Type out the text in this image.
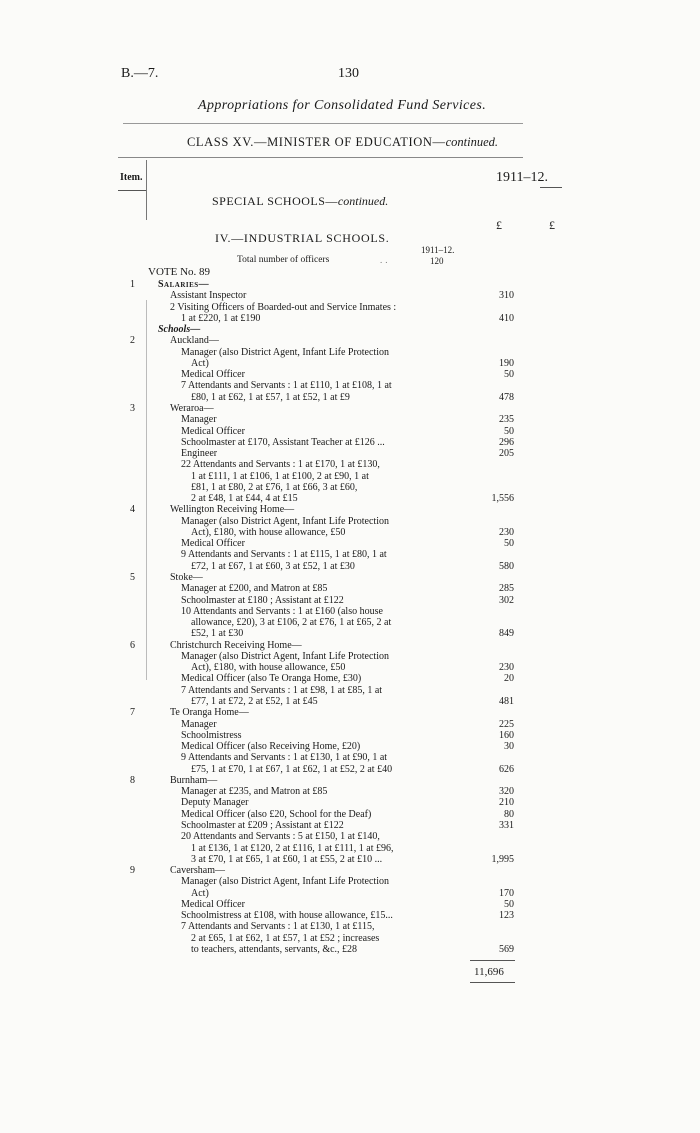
B.—7.	130
Appropriations for Consolidated Fund Services.
CLASS XV.—MINISTER OF EDUCATION—continued.
Item.	1911–12.
£	£
SPECIAL SCHOOLS—continued.
IV.—INDUSTRIAL SCHOOLS.
Total number of officers	..
1911–12.
120
VOTE No. 89
1 Salaries—
Assistant Inspector	310
2 Visiting Officers of Boarded-out and Service Inmates :
1 at £220, 1 at £190	410
Schools—
2	Auckland—
Manager (also District Agent, Infant Life Protection
Act)	190
Medical Officer	50
7 Attendants and Servants : 1 at £110, 1 at £108, 1 at
£80, 1 at £62, 1 at £57, 1 at £52, 1 at £9	478
3	Weraroa—
Manager	235
Medical Officer	50
Schoolmaster at £170, Assistant Teacher at £126 ...	296
Engineer	205
22 Attendants and Servants : 1 at £170, 1 at £130,
1 at £111, 1 at £106, 1 at £100, 2 at £90, 1 at
£81, 1 at £80, 2 at £76, 1 at £66, 3 at £60,
2 at £48, 1 at £44, 4 at £15	1,556
4	Wellington Receiving Home—
Manager (also District Agent, Infant Life Protection
Act), £180, with house allowance, £50	230
Medical Officer	50
9 Attendants and Servants : 1 at £115, 1 at £80, 1 at
£72, 1 at £67, 1 at £60, 3 at £52, 1 at £30	580
5	Stoke—
Manager at £200, and Matron at £85	285
Schoolmaster at £180 ; Assistant at £122	302
10 Attendants and Servants : 1 at £160 (also house
allowance, £20), 3 at £106, 2 at £76, 1 at £65, 2 at
£52, 1 at £30	849
6	Christchurch Receiving Home—
Manager (also District Agent, Infant Life Protection
Act), £180, with house allowance, £50	230
Medical Officer (also Te Oranga Home, £30)	20
7 Attendants and Servants : 1 at £98, 1 at £85, 1 at
£77, 1 at £72, 2 at £52, 1 at £45	481
7	Te Oranga Home—
Manager	225
Schoolmistress	160
Medical Officer (also Receiving Home, £20)	30
9 Attendants and Servants : 1 at £130, 1 at £90, 1 at
£75, 1 at £70, 1 at £67, 1 at £62, 1 at £52, 2 at £40	626
8	Burnham—
Manager at £235, and Matron at £85	320
Deputy Manager	210
Medical Officer (also £20, School for the Deaf)	80
Schoolmaster at £209 ; Assistant at £122	331
20 Attendants and Servants : 5 at £150, 1 at £140,
1 at £136, 1 at £120, 2 at £116, 1 at £111, 1 at £96,
3 at £70, 1 at £65, 1 at £60, 1 at £55, 2 at £10 ...	1,995
9	Caversham—
Manager (also District Agent, Infant Life Protection
Act)	170
Medical Officer	50
Schoolmistress at £108, with house allowance, £15...	123
7 Attendants and Servants : 1 at £130, 1 at £115,
2 at £65, 1 at £62, 1 at £57, 1 at £52 ; increases
to teachers, attendants, servants, &c., £28	569
11,696
